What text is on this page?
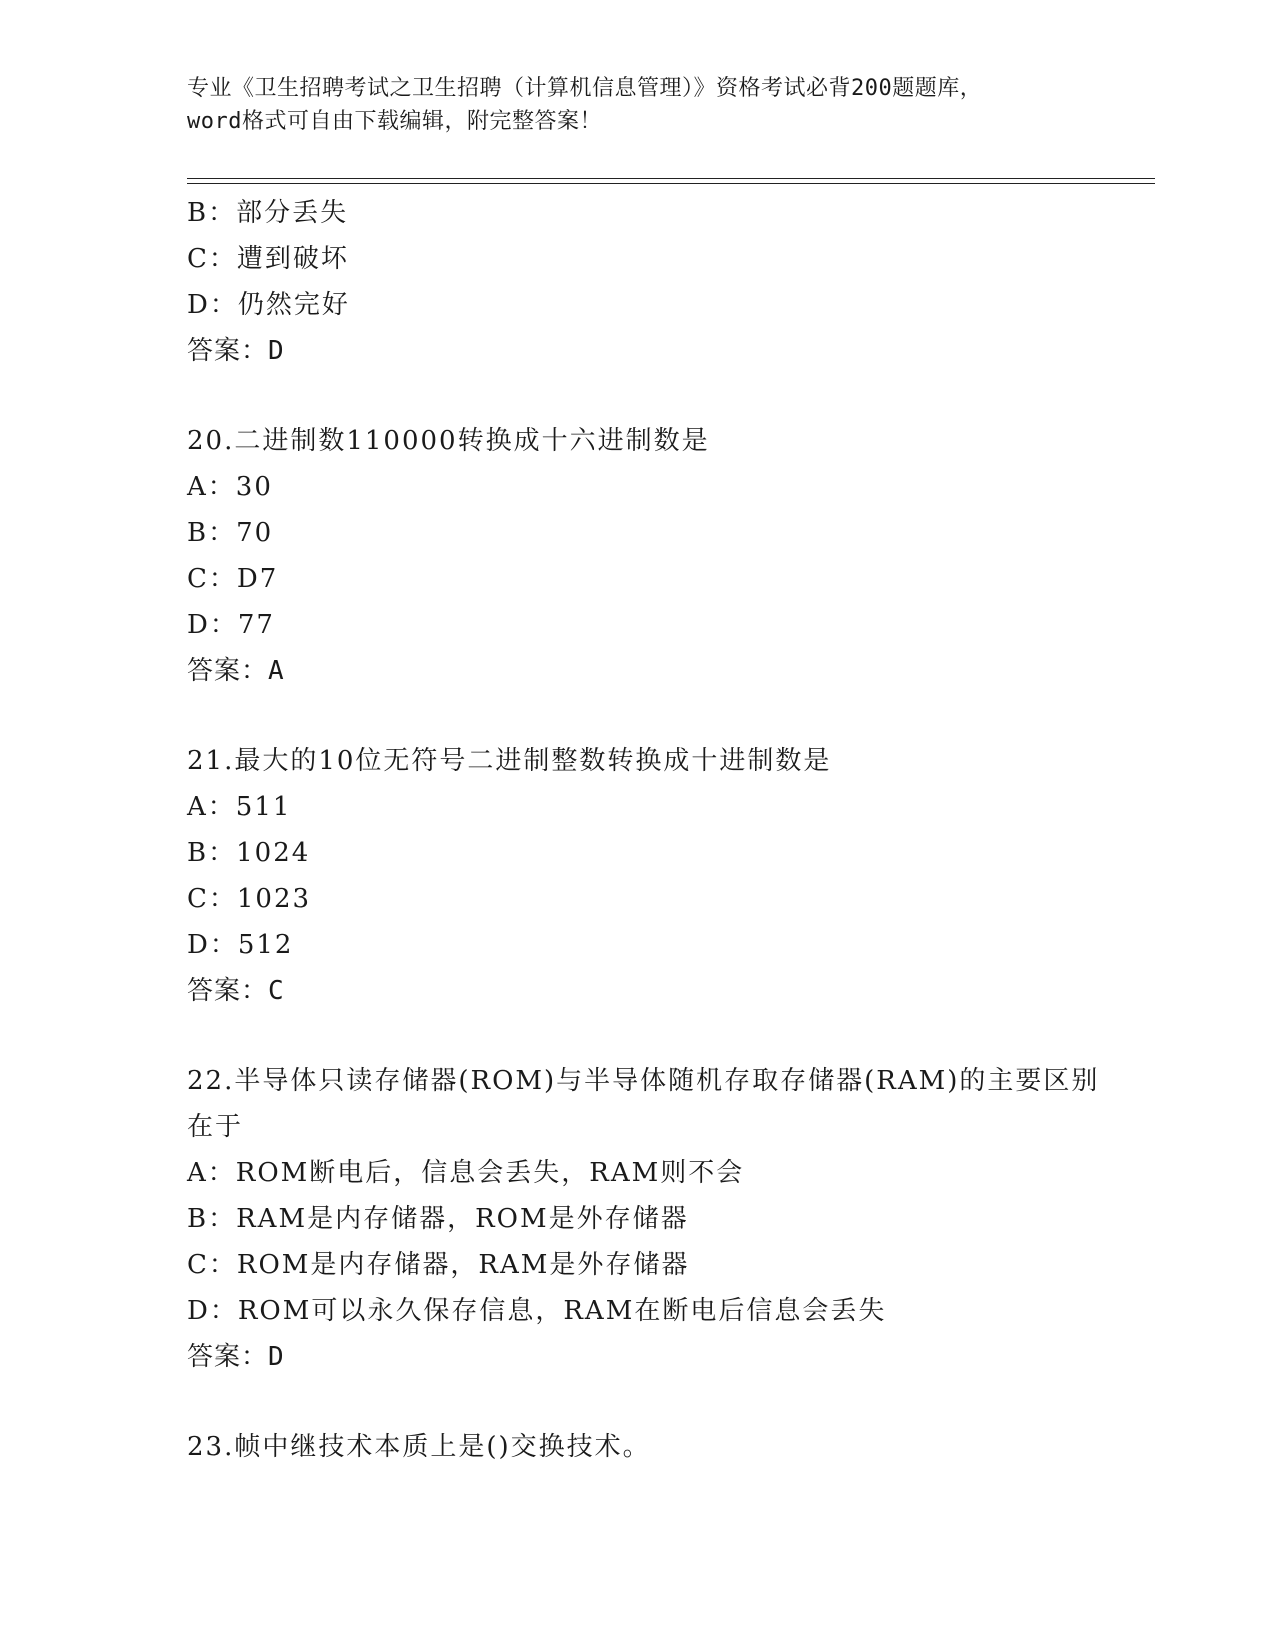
专业《卫生招聘考试之卫生招聘（计算机信息管理）》资格考试必背200题题库，
word格式可自由下载编辑，附完整答案！
B：部分丢失
C：遭到破坏
D：仍然完好
答案：D
20.二进制数110000转换成十六进制数是
A：30
B：70
C：D7
D：77
答案：A
21.最大的10位无符号二进制整数转换成十进制数是
A：511
B：1024
C：1023
D：512
答案：C
22.半导体只读存储器(ROM)与半导体随机存取存储器(RAM)的主要区别
在于
A：ROM断电后，信息会丢失，RAM则不会
B：RAM是内存储器，ROM是外存储器
C：ROM是内存储器，RAM是外存储器
D：ROM可以永久保存信息，RAM在断电后信息会丢失
答案：D
23.帧中继技术本质上是()交换技术。
